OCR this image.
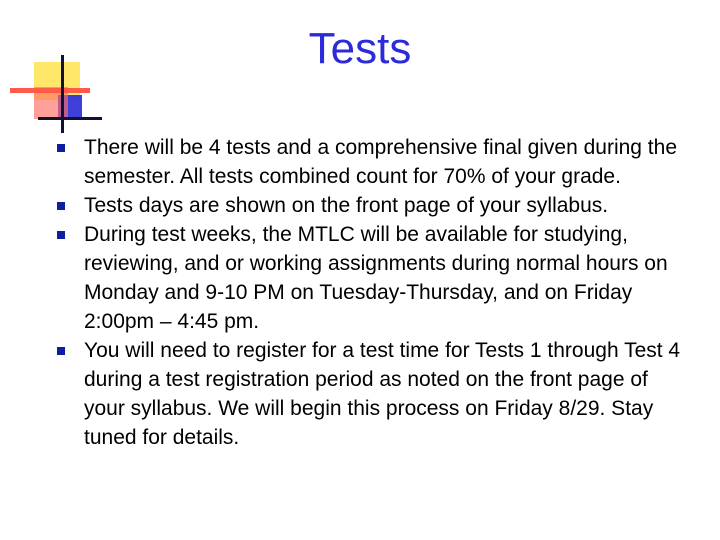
Tests
There will be 4 tests and a comprehensive final given during the semester. All tests combined count for 70% of your grade.
Tests days are shown on the front page of your syllabus.
During test weeks, the MTLC will be available for studying, reviewing, and or working assignments during normal hours on Monday and 9-10 PM on Tuesday-Thursday, and on Friday 2:00pm – 4:45 pm.
You will need to register for a test time for Tests 1 through Test 4 during a test registration period as noted on the front page of your syllabus. We will begin this process on Friday 8/29. Stay tuned for details.
